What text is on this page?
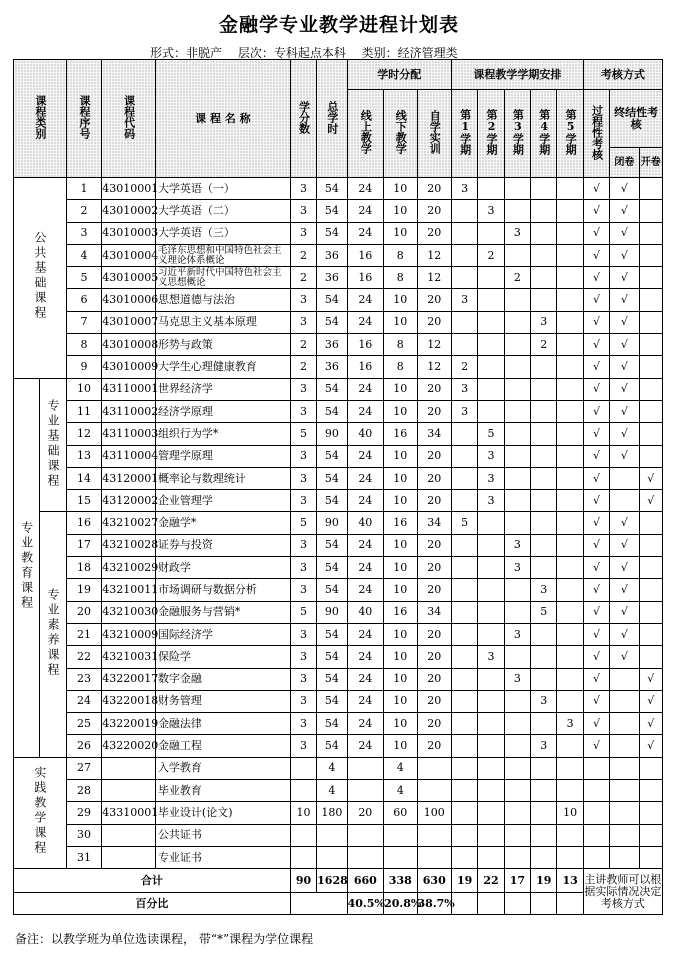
金融学专业教学进程计划表
形式：非脱产　 层次：专科起点本科　 类别：经济管理类
课程类别		课程序号	课程代码	课 程 名 称	学分数	总学时	学时分配			课程教学学期安排					考核方式		
							线上教学	线下教学	自学实训	第1学期	第2学期	第3学期	第4学期	第5学期	过程性考核	终结性考核	
																闭卷	开卷
公共基础课程		1	43010001	大学英语（一）	3	54	24	10	20	3					√	√	
		2	43010002	大学英语（二）	3	54	24	10	20		3				√	√	
		3	43010003	大学英语（三）	3	54	24	10	20			3			√	√	
		4	43010004	毛泽东思想和中国特色社会主义理论体系概论	2	36	16	8	12		2				√	√	
		5	43010005	习近平新时代中国特色社会主义思想概论	2	36	16	8	12			2			√	√	
		6	43010006	思想道德与法治	3	54	24	10	20	3					√	√	
		7	43010007	马克思主义基本原理	3	54	24	10	20				3		√	√	
		8	43010008	形势与政策	2	36	16	8	12				2		√	√	
		9	43010009	大学生心理健康教育	2	36	16	8	12	2					√	√	
专业教育课程	专业基础课程	10	43110001	世界经济学	3	54	24	10	20	3					√	√	
		11	43110002	经济学原理	3	54	24	10	20	3					√	√	
		12	43110003	组织行为学*	5	90	40	16	34		5				√	√	
		13	43110004	管理学原理	3	54	24	10	20		3				√	√	
		14	43120001	概率论与数理统计	3	54	24	10	20		3				√		√
		15	43120002	企业管理学	3	54	24	10	20		3				√		√
	专业素养课程	16	43210027	金融学*	5	90	40	16	34	5					√	√	
		17	43210028	证券与投资	3	54	24	10	20			3			√	√	
		18	43210029	财政学	3	54	24	10	20			3			√	√	
		19	43210011	市场调研与数据分析	3	54	24	10	20				3		√	√	
		20	43210030	金融服务与营销*	5	90	40	16	34				5		√	√	
		21	43210009	国际经济学	3	54	24	10	20			3			√	√	
		22	43210031	保险学	3	54	24	10	20		3				√	√	
		23	43220017	数字金融	3	54	24	10	20			3			√		√
		24	43220018	财务管理	3	54	24	10	20				3		√		√
		25	43220019	金融法律	3	54	24	10	20					3	√		√
		26	43220020	金融工程	3	54	24	10	20				3		√		√
实践教学课程		27		入学教育		4		4									
		28		毕业教育		4		4									
		29	43310001	毕业设计(论文)	10	180	20	60	100					10			
		30		公共证书													
		31		专业证书													
合计					90	1628	660	338	630	19	22	17	19	13	主讲教师可以根据实际情况决定考核方式		
百分比							40.5%	20.8%	38.7%								
备注：以教学班为单位选读课程， 带“*”课程为学位课程
